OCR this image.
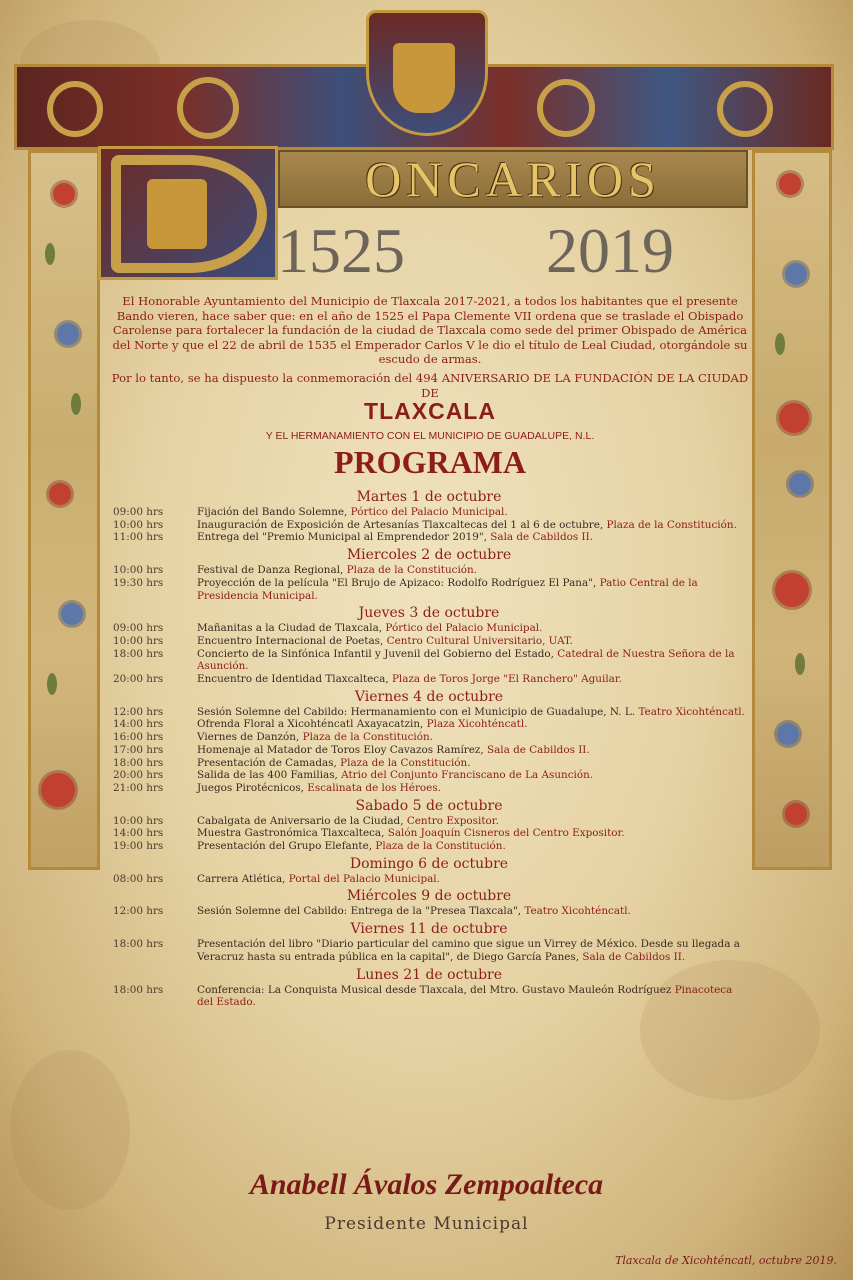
ONCARIOS
1525 2019

El Honorable Ayuntamiento del Municipio de Tlaxcala 2017-2021, a todos los habitantes que el presente Bando vieren, hace saber que: en el año de 1525 el Papa Clemente VII ordena que se traslade el Obispado Carolense para fortalecer la fundación de la ciudad de Tlaxcala como sede del primer Obispado de América del Norte y que el 22 de abril de 1535 el Emperador Carlos V le dio el título de Leal Ciudad, otorgándole su escudo de armas.

Por lo tanto, se ha dispuesto la conmemoración del 494 ANIVERSARIO DE LA FUNDACIÓN DE LA CIUDAD DE

TLAXCALA
Y EL HERMANAMIENTO CON EL MUNICIPIO DE GUADALUPE, N.L.
PROGRAMA

Martes 1 de octubre

09:00 hrs	Fijación del Bando Solemne, Pórtico del Palacio Municipal.
10:00 hrs	Inauguración de Exposición de Artesanías Tlaxcaltecas del 1 al 6 de octubre, Plaza de la Constitución.
11:00 hrs	Entrega del "Premio Municipal al Emprendedor 2019", Sala de Cabildos II.

Miercoles 2 de octubre

10:00 hrs	Festival de Danza Regional, Plaza de la Constitución.
19:30 hrs	Proyección de la película "El Brujo de Apizaco: Rodolfo Rodríguez El Pana", Patio Central de la Presidencia Municipal.

Jueves 3 de octubre

09:00 hrs	Mañanitas a la Ciudad de Tlaxcala, Pórtico del Palacio Municipal.
10:00 hrs	Encuentro Internacional de Poetas, Centro Cultural Universitario, UAT.
18:00 hrs	Concierto de la Sinfónica Infantil y Juvenil del Gobierno del Estado, Catedral de Nuestra Señora de la Asunción.
20:00 hrs	Encuentro de Identidad Tlaxcalteca, Plaza de Toros Jorge "El Ranchero" Aguilar.

Viernes 4 de octubre

12:00 hrs	Sesión Solemne del Cabildo: Hermanamiento con el Municipio de Guadalupe, N. L. Teatro Xicohténcatl.
14:00 hrs	Ofrenda Floral a Xicohténcatl Axayacatzin, Plaza Xicohténcatl.
16:00 hrs	Viernes de Danzón, Plaza de la Constitución.
17:00 hrs	Homenaje al Matador de Toros Eloy Cavazos Ramírez, Sala de Cabildos II.
18:00 hrs	Presentación de Camadas, Plaza de la Constitución.
20:00 hrs	Salida de las 400 Familias, Atrio del Conjunto Franciscano de La Asunción.
21:00 hrs	Juegos Pirotécnicos, Escalinata de los Héroes.

Sabado 5 de octubre

10:00 hrs	Cabalgata de Aniversario de la Ciudad, Centro Expositor.
14:00 hrs	Muestra Gastronómica Tlaxcalteca, Salón Joaquín Cisneros del Centro Expositor.
19:00 hrs	Presentación del Grupo Elefante, Plaza de la Constitución.

Domingo 6 de octubre

08:00 hrs	Carrera Atlética, Portal del Palacio Municipal.

Miércoles 9 de octubre

12:00 hrs	Sesión Solemne del Cabildo: Entrega de la "Presea Tlaxcala", Teatro Xicohténcatl.

Viernes 11 de octubre

18:00 hrs	Presentación del libro "Diario particular del camino que sigue un Virrey de México. Desde su llegada a Veracruz hasta su entrada pública en la capital", de Diego García Panes, Sala de Cabildos II.

Lunes 21 de octubre

18:00 hrs	Conferencia: La Conquista Musical desde Tlaxcala, del Mtro. Gustavo Mauleón Rodríguez Pinacoteca del Estado.
Anabell Ávalos Zempoalteca
Presidente Municipal
Tlaxcala de Xicohténcatl, octubre 2019.
